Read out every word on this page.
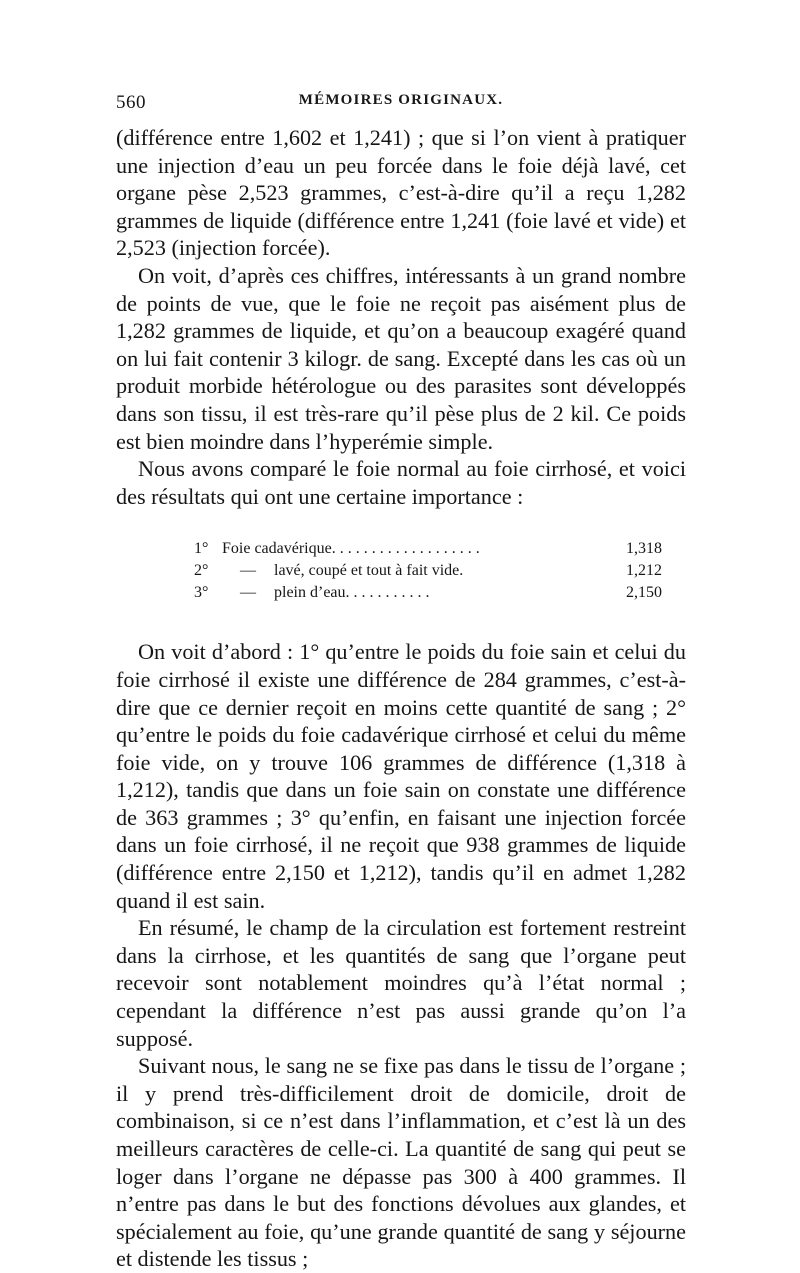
560	MÉMOIRES ORIGINAUX.

(différence entre 1,602 et 1,241) ; que si l’on vient à pratiquer une injection d’eau un peu forcée dans le foie déjà lavé, cet organe pèse 2,523 grammes, c’est-à-dire qu’il a reçu 1,282 grammes de liquide (différence entre 1,241 (foie lavé et vide) et 2,523 (injection forcée).

On voit, d’après ces chiffres, intéressants à un grand nombre de points de vue, que le foie ne reçoit pas aisément plus de 1,282 grammes de liquide, et qu’on a beaucoup exagéré quand on lui fait contenir 3 kilogr. de sang. Excepté dans les cas où un produit morbide hétérologue ou des parasites sont développés dans son tissu, il est très-rare qu’il pèse plus de 2 kil. Ce poids est bien moindre dans l’hyperémie simple.

Nous avons comparé le foie normal au foie cirrhosé, et voici des résultats qui ont une certaine importance :

1° Foie cadavérique. . . . . . . . . . . . . . . . . . .	1,318
2°	—	lavé, coupé et tout à fait vide.	1,212
3°	—	plein d’eau. . . . . . . . . . .	2,150

On voit d’abord : 1° qu’entre le poids du foie sain et celui du foie cirrhosé il existe une différence de 284 grammes, c’est-à-dire que ce dernier reçoit en moins cette quantité de sang ; 2° qu’entre le poids du foie cadavérique cirrhosé et celui du même foie vide, on y trouve 106 grammes de différence (1,318 à 1,212), tandis que dans un foie sain on constate une différence de 363 grammes ; 3° qu’enfin, en faisant une injection forcée dans un foie cirrhosé, il ne reçoit que 938 grammes de liquide (différence entre 2,150 et 1,212), tandis qu’il en admet 1,282 quand il est sain.

En résumé, le champ de la circulation est fortement restreint dans la cirrhose, et les quantités de sang que l’organe peut recevoir sont notablement moindres qu’à l’état normal ; cependant la différence n’est pas aussi grande qu’on l’a supposé.

Suivant nous, le sang ne se fixe pas dans le tissu de l’organe ; il y prend très-difficilement droit de domicile, droit de combinaison, si ce n’est dans l’inflammation, et c’est là un des meilleurs caractères de celle-ci. La quantité de sang qui peut se loger dans l’organe ne dépasse pas 300 à 400 grammes. Il n’entre pas dans le but des fonctions dévolues aux glandes, et spécialement au foie, qu’une grande quantité de sang y séjourne et distende les tissus ;
